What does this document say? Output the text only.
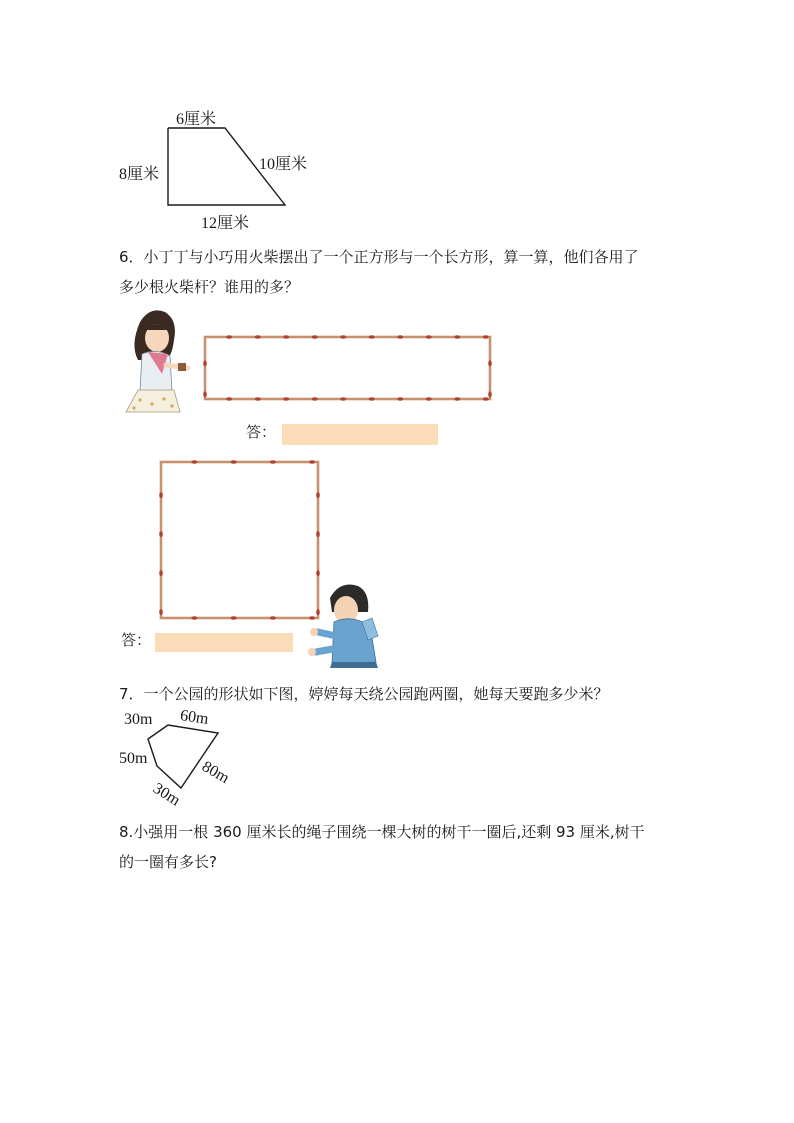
6厘米
8厘米
10厘米
12厘米
6．小丁丁与小巧用火柴摆出了一个正方形与一个长方形，算一算，他们各用了
多少根火柴杆？谁用的多？
答：
答：
7．一个公园的形状如下图，婷婷每天绕公园跑两圈，她每天要跑多少米？
30m 60m
50m	80m
30m
8.小强用一根 360 厘米长的绳子围绕一棵大树的树干一圈后,还剩 93 厘米,树干
的一圈有多长?
